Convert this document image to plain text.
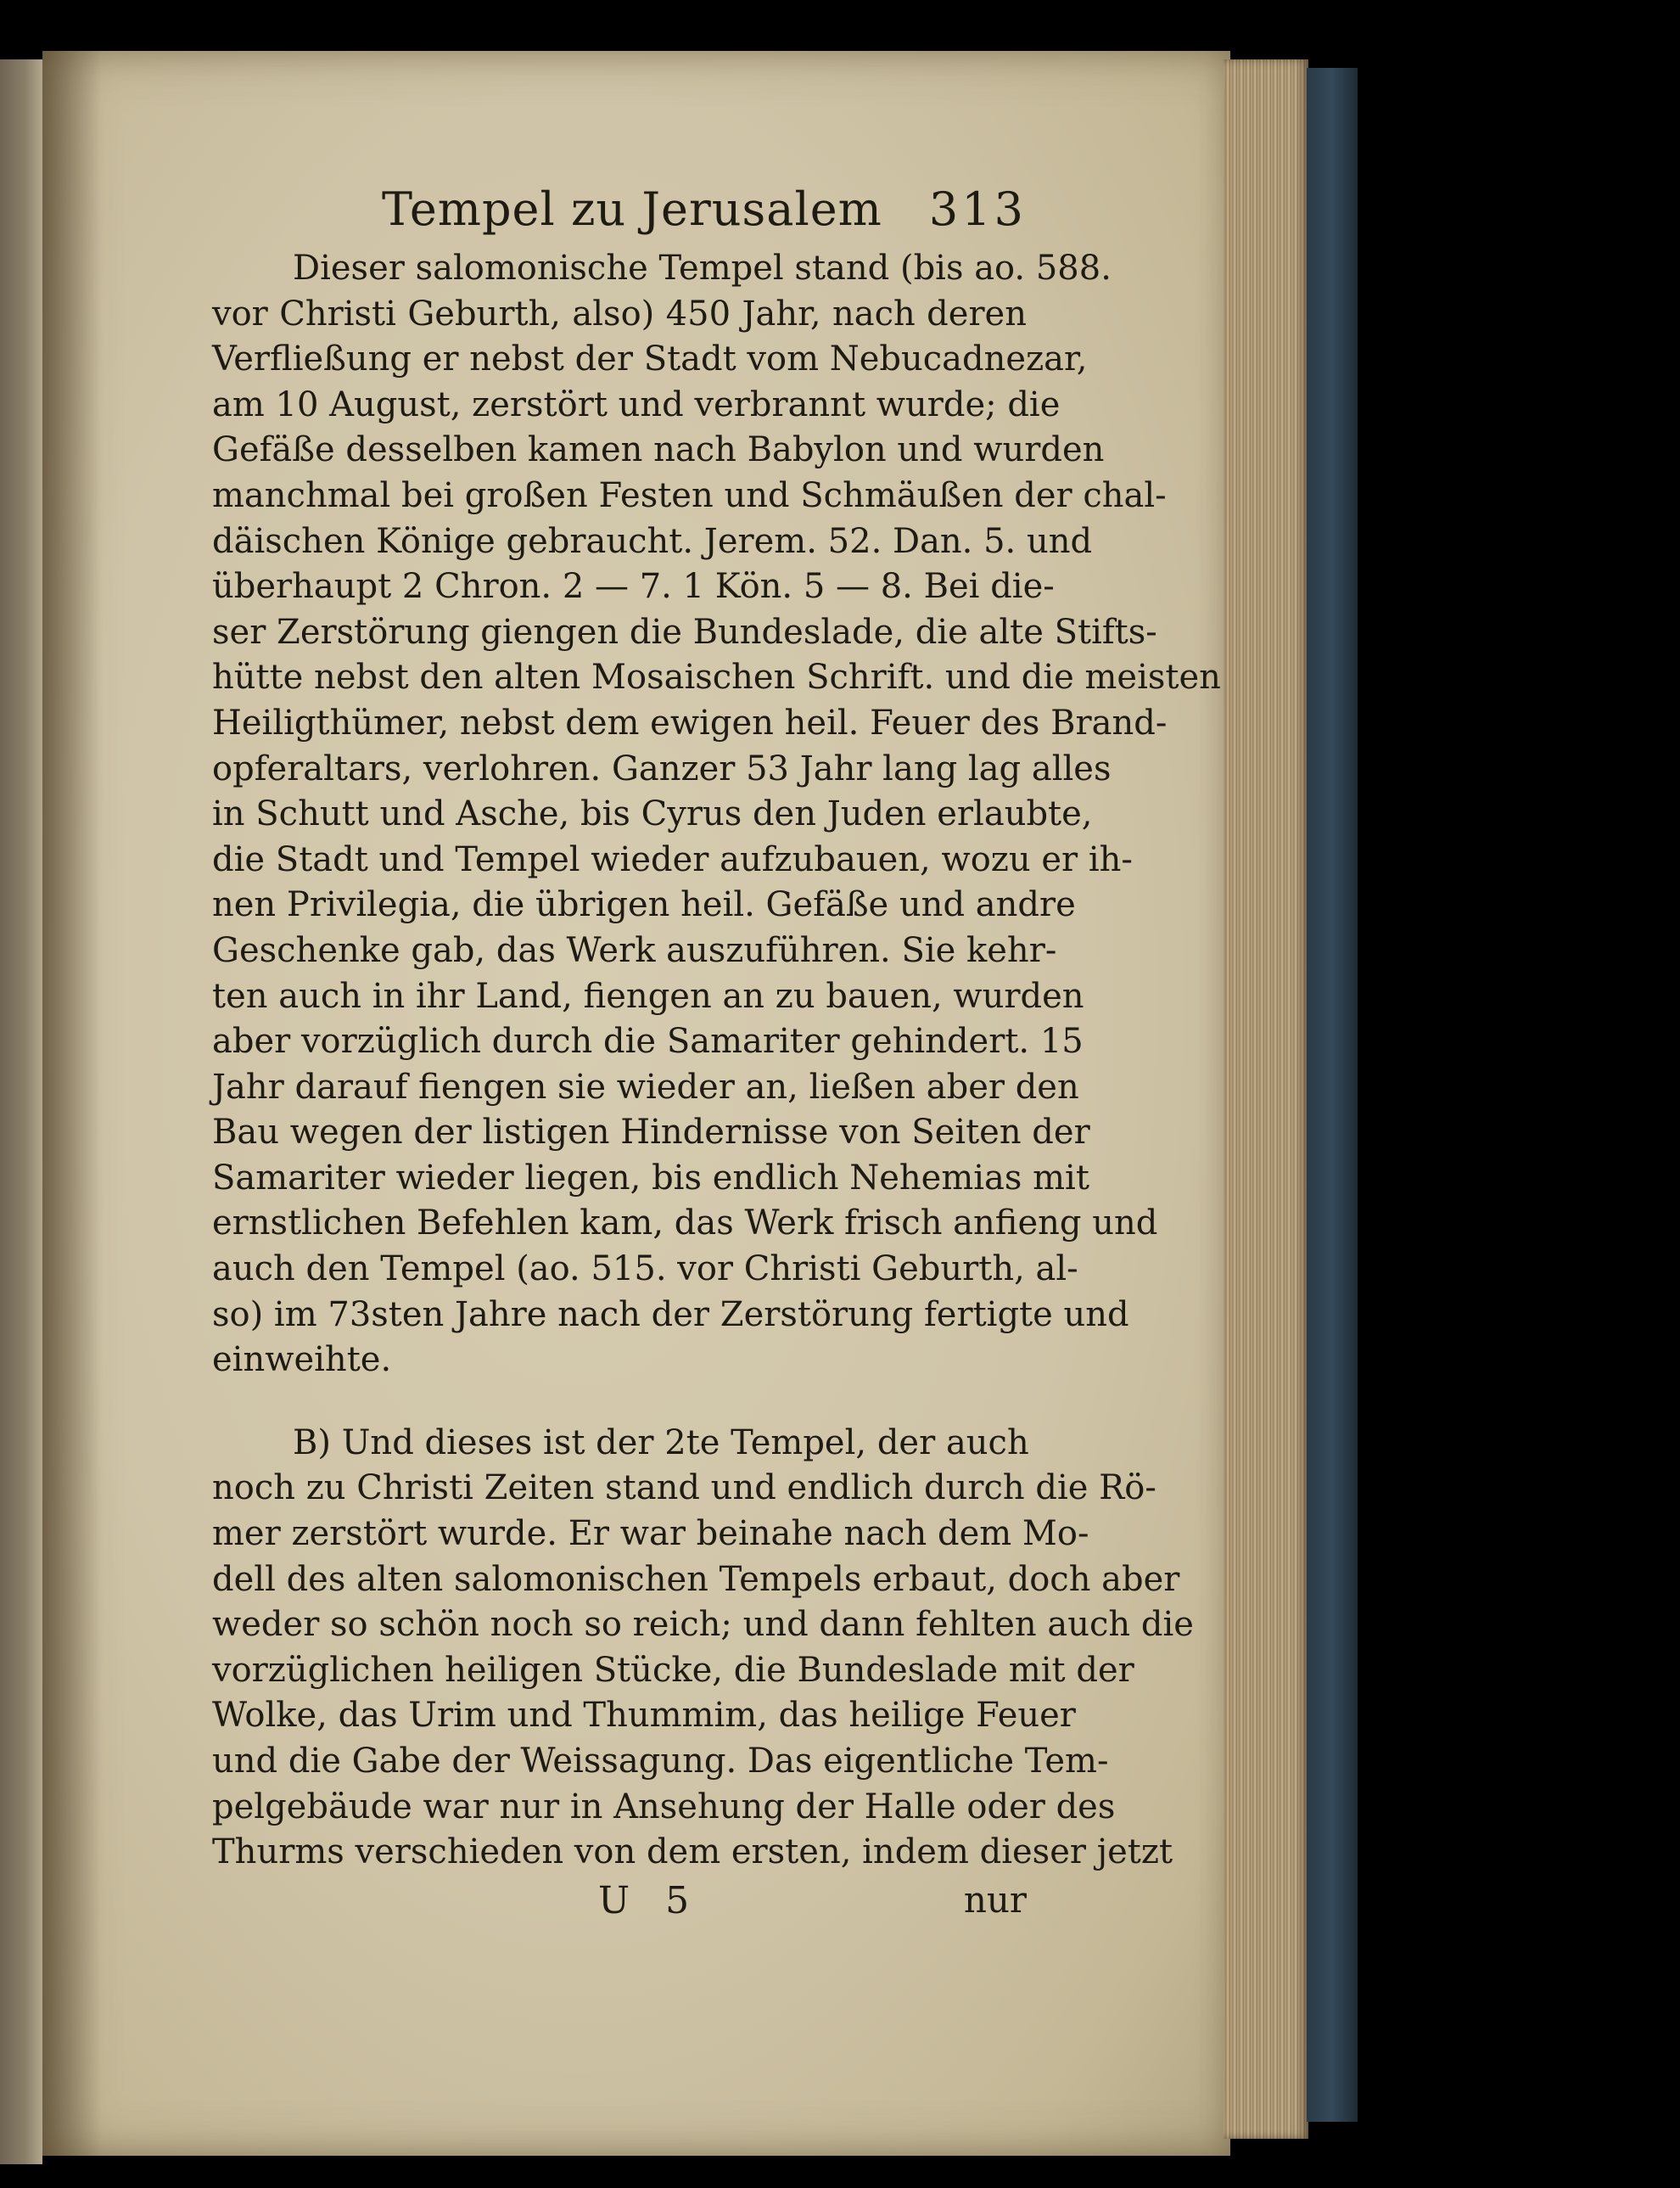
Tempel zu Jerusalem 313
Dieser salomonische Tempel stand (bis ao. 588.
vor Christi Geburth, also) 450 Jahr, nach deren
Verfließung er nebst der Stadt vom Nebucadnezar,
am 10 August, zerstört und verbrannt wurde; die
Gefäße desselben kamen nach Babylon und wurden
manchmal bei großen Festen und Schmäußen der chal-
däischen Könige gebraucht. Jerem. 52. Dan. 5. und
überhaupt 2 Chron. 2 — 7. 1 Kön. 5 — 8. Bei die-
ser Zerstörung giengen die Bundeslade, die alte Stifts-
hütte nebst den alten Mosaischen Schrift. und die meisten
Heiligthümer, nebst dem ewigen heil. Feuer des Brand-
opferaltars, verlohren. Ganzer 53 Jahr lang lag alles
in Schutt und Asche, bis Cyrus den Juden erlaubte,
die Stadt und Tempel wieder aufzubauen, wozu er ih-
nen Privilegia, die übrigen heil. Gefäße und andre
Geschenke gab, das Werk auszuführen. Sie kehr-
ten auch in ihr Land, fiengen an zu bauen, wurden
aber vorzüglich durch die Samariter gehindert. 15
Jahr darauf fiengen sie wieder an, ließen aber den
Bau wegen der listigen Hindernisse von Seiten der
Samariter wieder liegen, bis endlich Nehemias mit
ernstlichen Befehlen kam, das Werk frisch anfieng und
auch den Tempel (ao. 515. vor Christi Geburth, al-
so) im 73sten Jahre nach der Zerstörung fertigte und
einweihte.
B) Und dieses ist der 2te Tempel, der auch
noch zu Christi Zeiten stand und endlich durch die Rö-
mer zerstört wurde. Er war beinahe nach dem Mo-
dell des alten salomonischen Tempels erbaut, doch aber
weder so schön noch so reich; und dann fehlten auch die
vorzüglichen heiligen Stücke, die Bundeslade mit der
Wolke, das Urim und Thummim, das heilige Feuer
und die Gabe der Weissagung. Das eigentliche Tem-
pelgebäude war nur in Ansehung der Halle oder des
Thurms verschieden von dem ersten, indem dieser jetzt
U 5	nur
